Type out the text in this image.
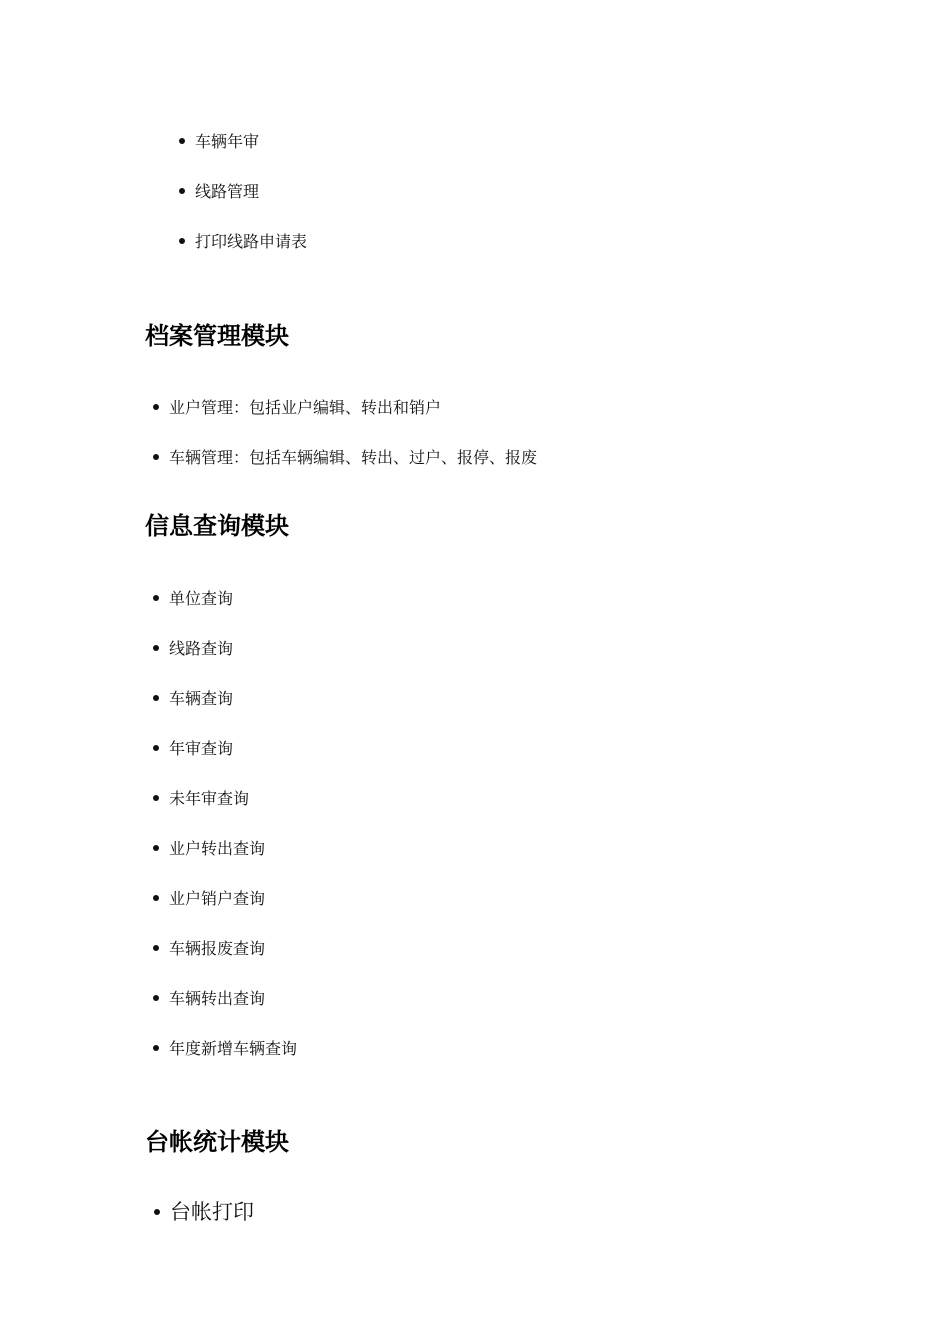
车辆年审
线路管理
打印线路申请表
档案管理模块
业户管理：包括业户编辑、转出和销户
车辆管理：包括车辆编辑、转出、过户、报停、报废
信息查询模块
单位查询
线路查询
车辆查询
年审查询
未年审查询
业户转出查询
业户销户查询
车辆报废查询
车辆转出查询
年度新增车辆查询
台帐统计模块
台帐打印
